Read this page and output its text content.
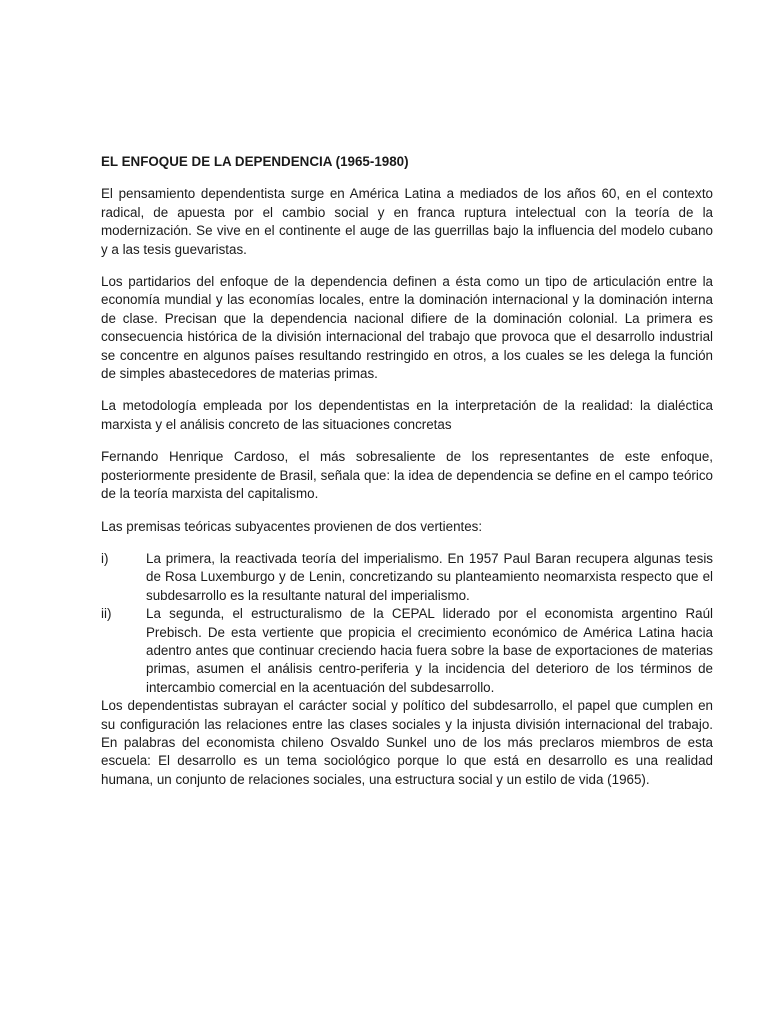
EL ENFOQUE DE LA DEPENDENCIA (1965-1980)

El pensamiento dependentista surge en América Latina a mediados de los años 60, en el contexto radical, de apuesta por el cambio social y en franca ruptura intelectual con la teoría de la modernización. Se vive en el continente el auge de las guerrillas bajo la influencia del modelo cubano y a las tesis guevaristas.

Los partidarios del enfoque de la dependencia definen a ésta como un tipo de articulación entre la economía mundial y las economías locales, entre la dominación internacional y la dominación interna de clase. Precisan que la dependencia nacional difiere de la dominación colonial. La primera es consecuencia histórica de la división internacional del trabajo que provoca que el desarrollo industrial se concentre en algunos países resultando restringido en otros, a los cuales se les delega la función de simples abastecedores de materias primas.

La metodología empleada por los dependentistas en la interpretación de la realidad: la dialéctica marxista y el análisis concreto de las situaciones concretas

Fernando Henrique Cardoso, el más sobresaliente de los representantes de este enfoque, posteriormente presidente de Brasil, señala que: la idea de dependencia se define en el campo teórico de la teoría marxista del capitalismo.

Las premisas teóricas subyacentes provienen de dos vertientes:

i)	La primera, la reactivada teoría del imperialismo. En 1957 Paul Baran recupera algunas tesis de Rosa Luxemburgo y de Lenin, concretizando su planteamiento neomarxista respecto que el subdesarrollo es la resultante natural del imperialismo.
ii)	La segunda, el estructuralismo de la CEPAL liderado por el economista argentino Raúl Prebisch. De esta vertiente que propicia el crecimiento económico de América Latina hacia adentro antes que continuar creciendo hacia fuera sobre la base de exportaciones de materias primas, asumen el análisis centro-periferia y la incidencia del deterioro de los términos de intercambio comercial en la acentuación del subdesarrollo.

Los dependentistas subrayan el carácter social y político del subdesarrollo, el papel que cumplen en su configuración las relaciones entre las clases sociales y la injusta división internacional del trabajo. En palabras del economista chileno Osvaldo Sunkel uno de los más preclaros miembros de esta escuela: El desarrollo es un tema sociológico porque lo que está en desarrollo es una realidad humana, un conjunto de relaciones sociales, una estructura social y un estilo de vida (1965).
